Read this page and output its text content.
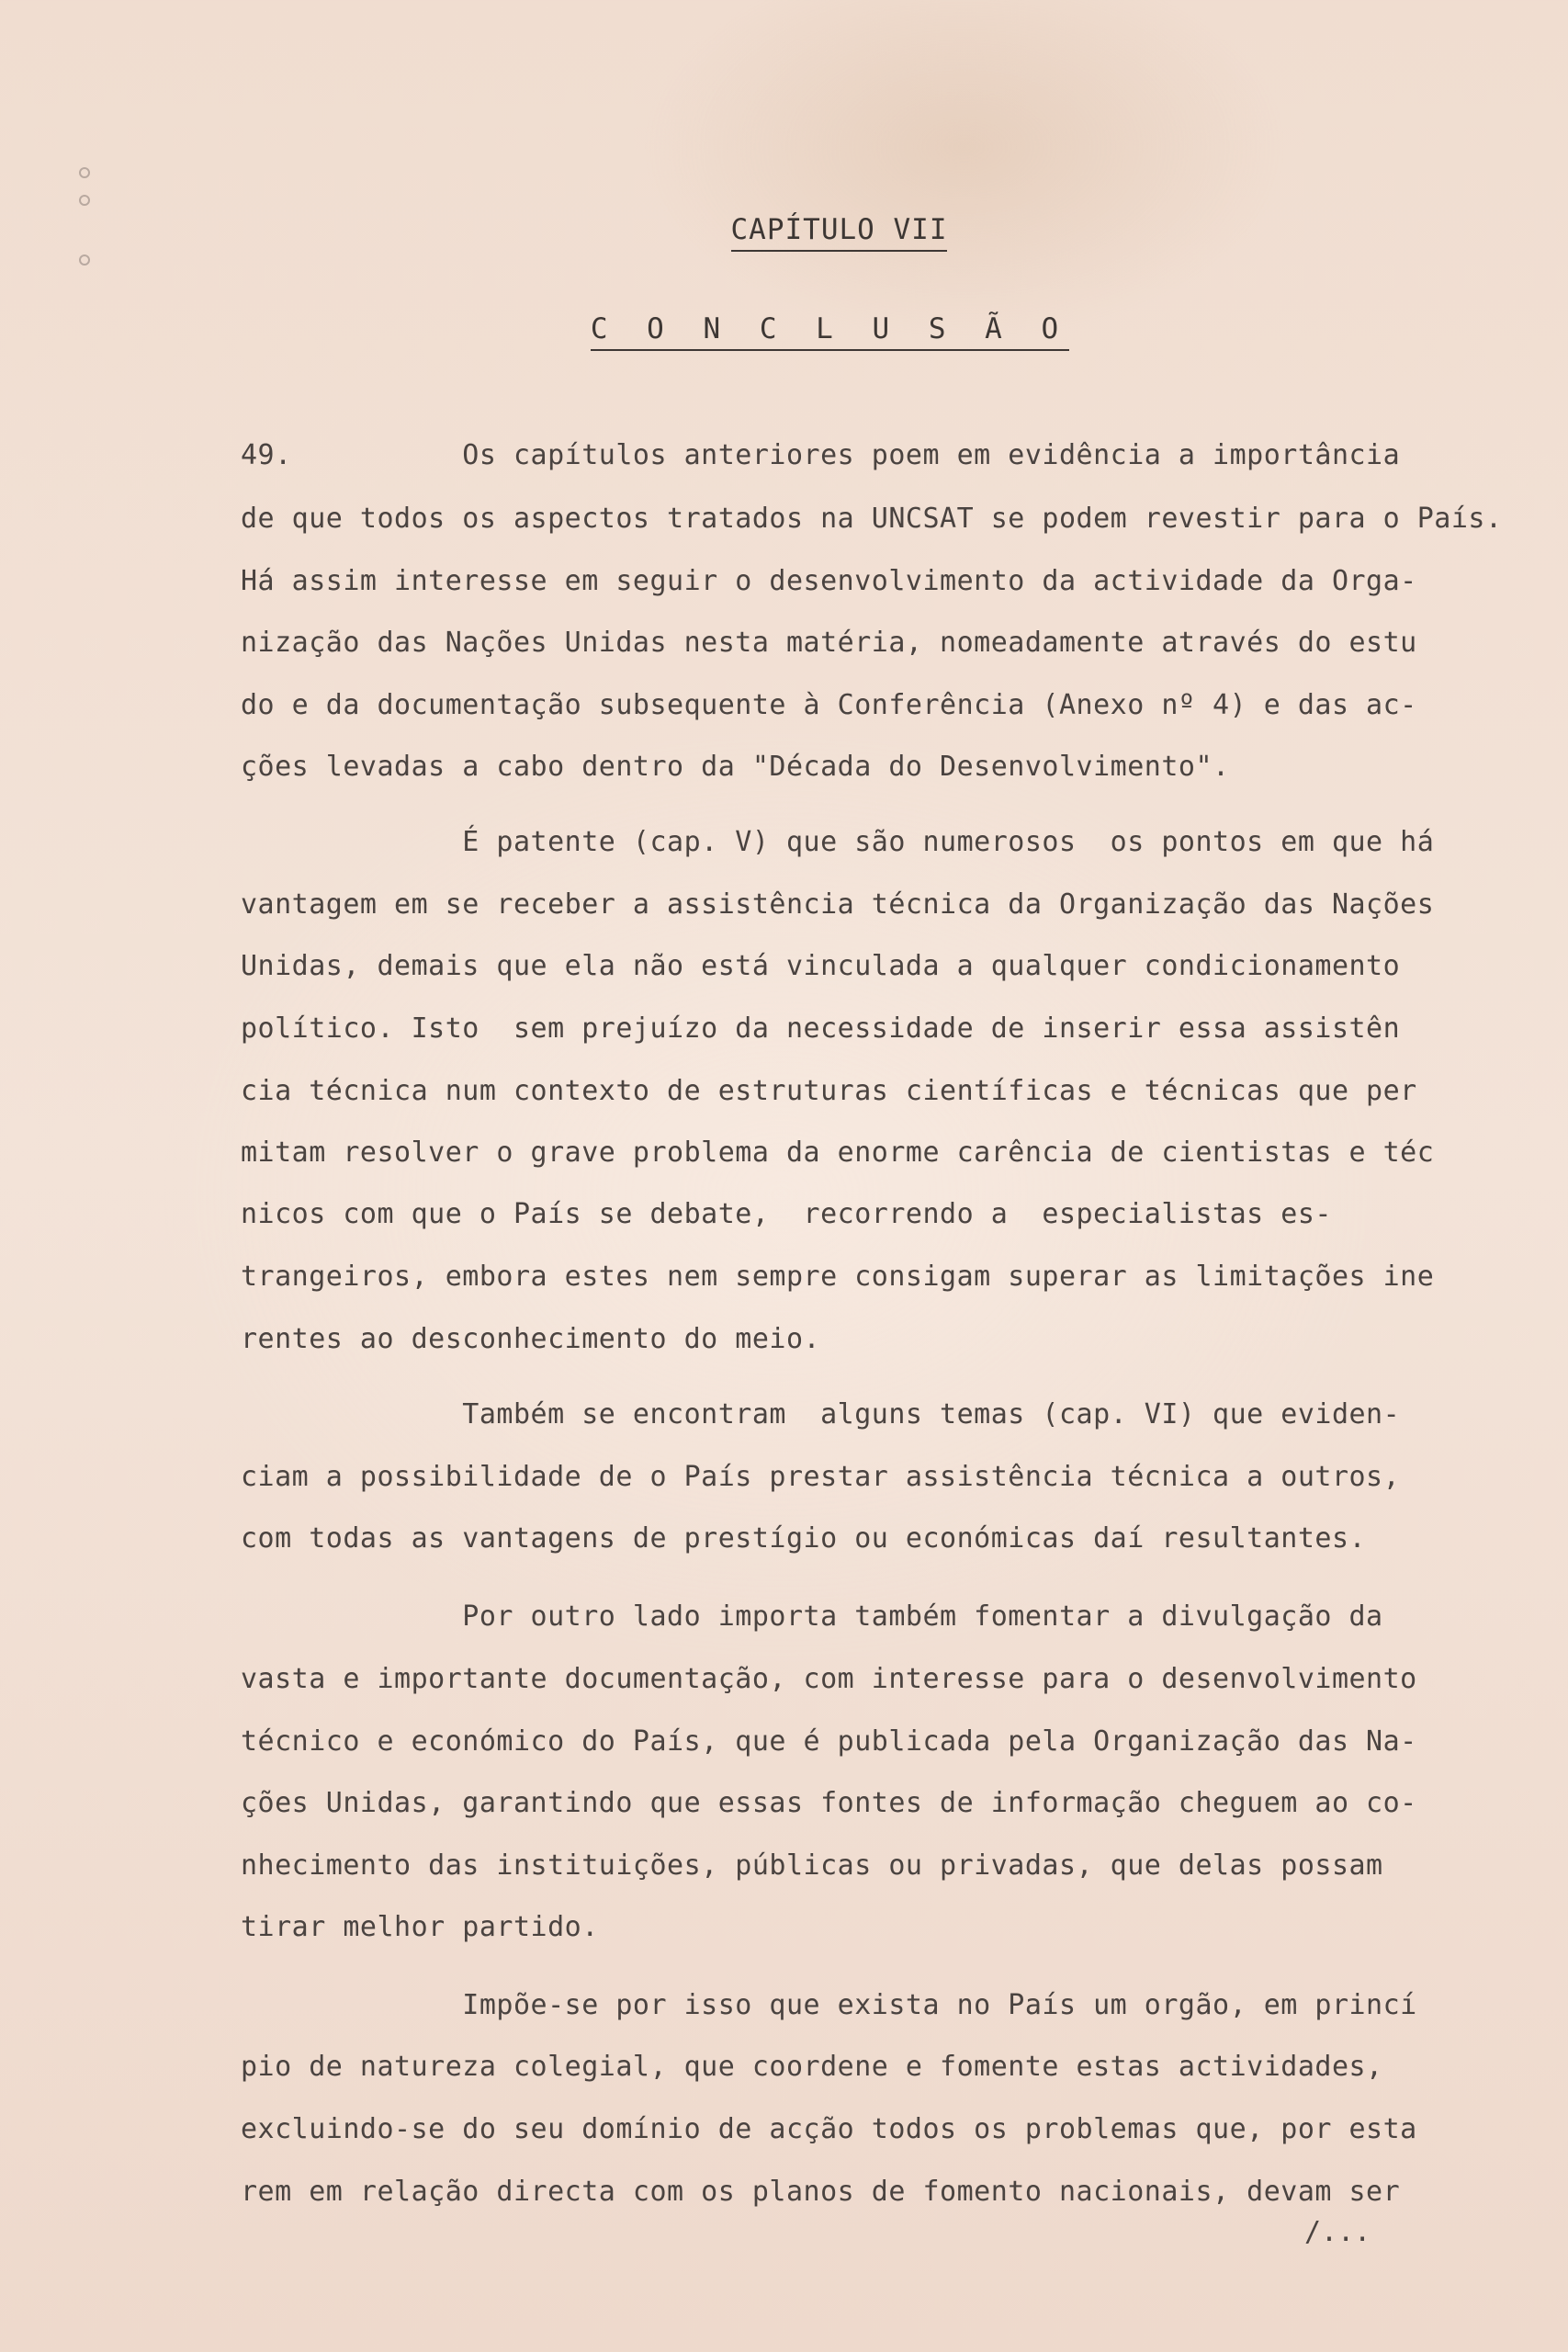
CAPÍTULO VII
C O N C L U S Ã O
49.          Os capítulos anteriores poem em evidência a importância
de que todos os aspectos tratados na UNCSAT se podem revestir para o País.
Há assim interesse em seguir o desenvolvimento da actividade da Orga-
nização das Nações Unidas nesta matéria, nomeadamente através do estu
do e da documentação subsequente à Conferência (Anexo nº 4) e das ac-
ções levadas a cabo dentro da "Década do Desenvolvimento".
É patente (cap. V) que são numerosos  os pontos em que há
vantagem em se receber a assistência técnica da Organização das Nações
Unidas, demais que ela não está vinculada a qualquer condicionamento
político. Isto  sem prejuízo da necessidade de inserir essa assistên
cia técnica num contexto de estruturas científicas e técnicas que per
mitam resolver o grave problema da enorme carência de cientistas e téc
nicos com que o País se debate,  recorrendo a  especialistas es-
trangeiros, embora estes nem sempre consigam superar as limitações ine
rentes ao desconhecimento do meio.
Também se encontram  alguns temas (cap. VI) que eviden-
ciam a possibilidade de o País prestar assistência técnica a outros,
com todas as vantagens de prestígio ou económicas daí resultantes.
Por outro lado importa também fomentar a divulgação da
vasta e importante documentação, com interesse para o desenvolvimento
técnico e económico do País, que é publicada pela Organização das Na-
ções Unidas, garantindo que essas fontes de informação cheguem ao co-
nhecimento das instituições, públicas ou privadas, que delas possam
tirar melhor partido.
Impõe-se por isso que exista no País um orgão, em princí
pio de natureza colegial, que coordene e fomente estas actividades,
excluindo-se do seu domínio de acção todos os problemas que, por esta
rem em relação directa com os planos de fomento nacionais, devam ser
/...
